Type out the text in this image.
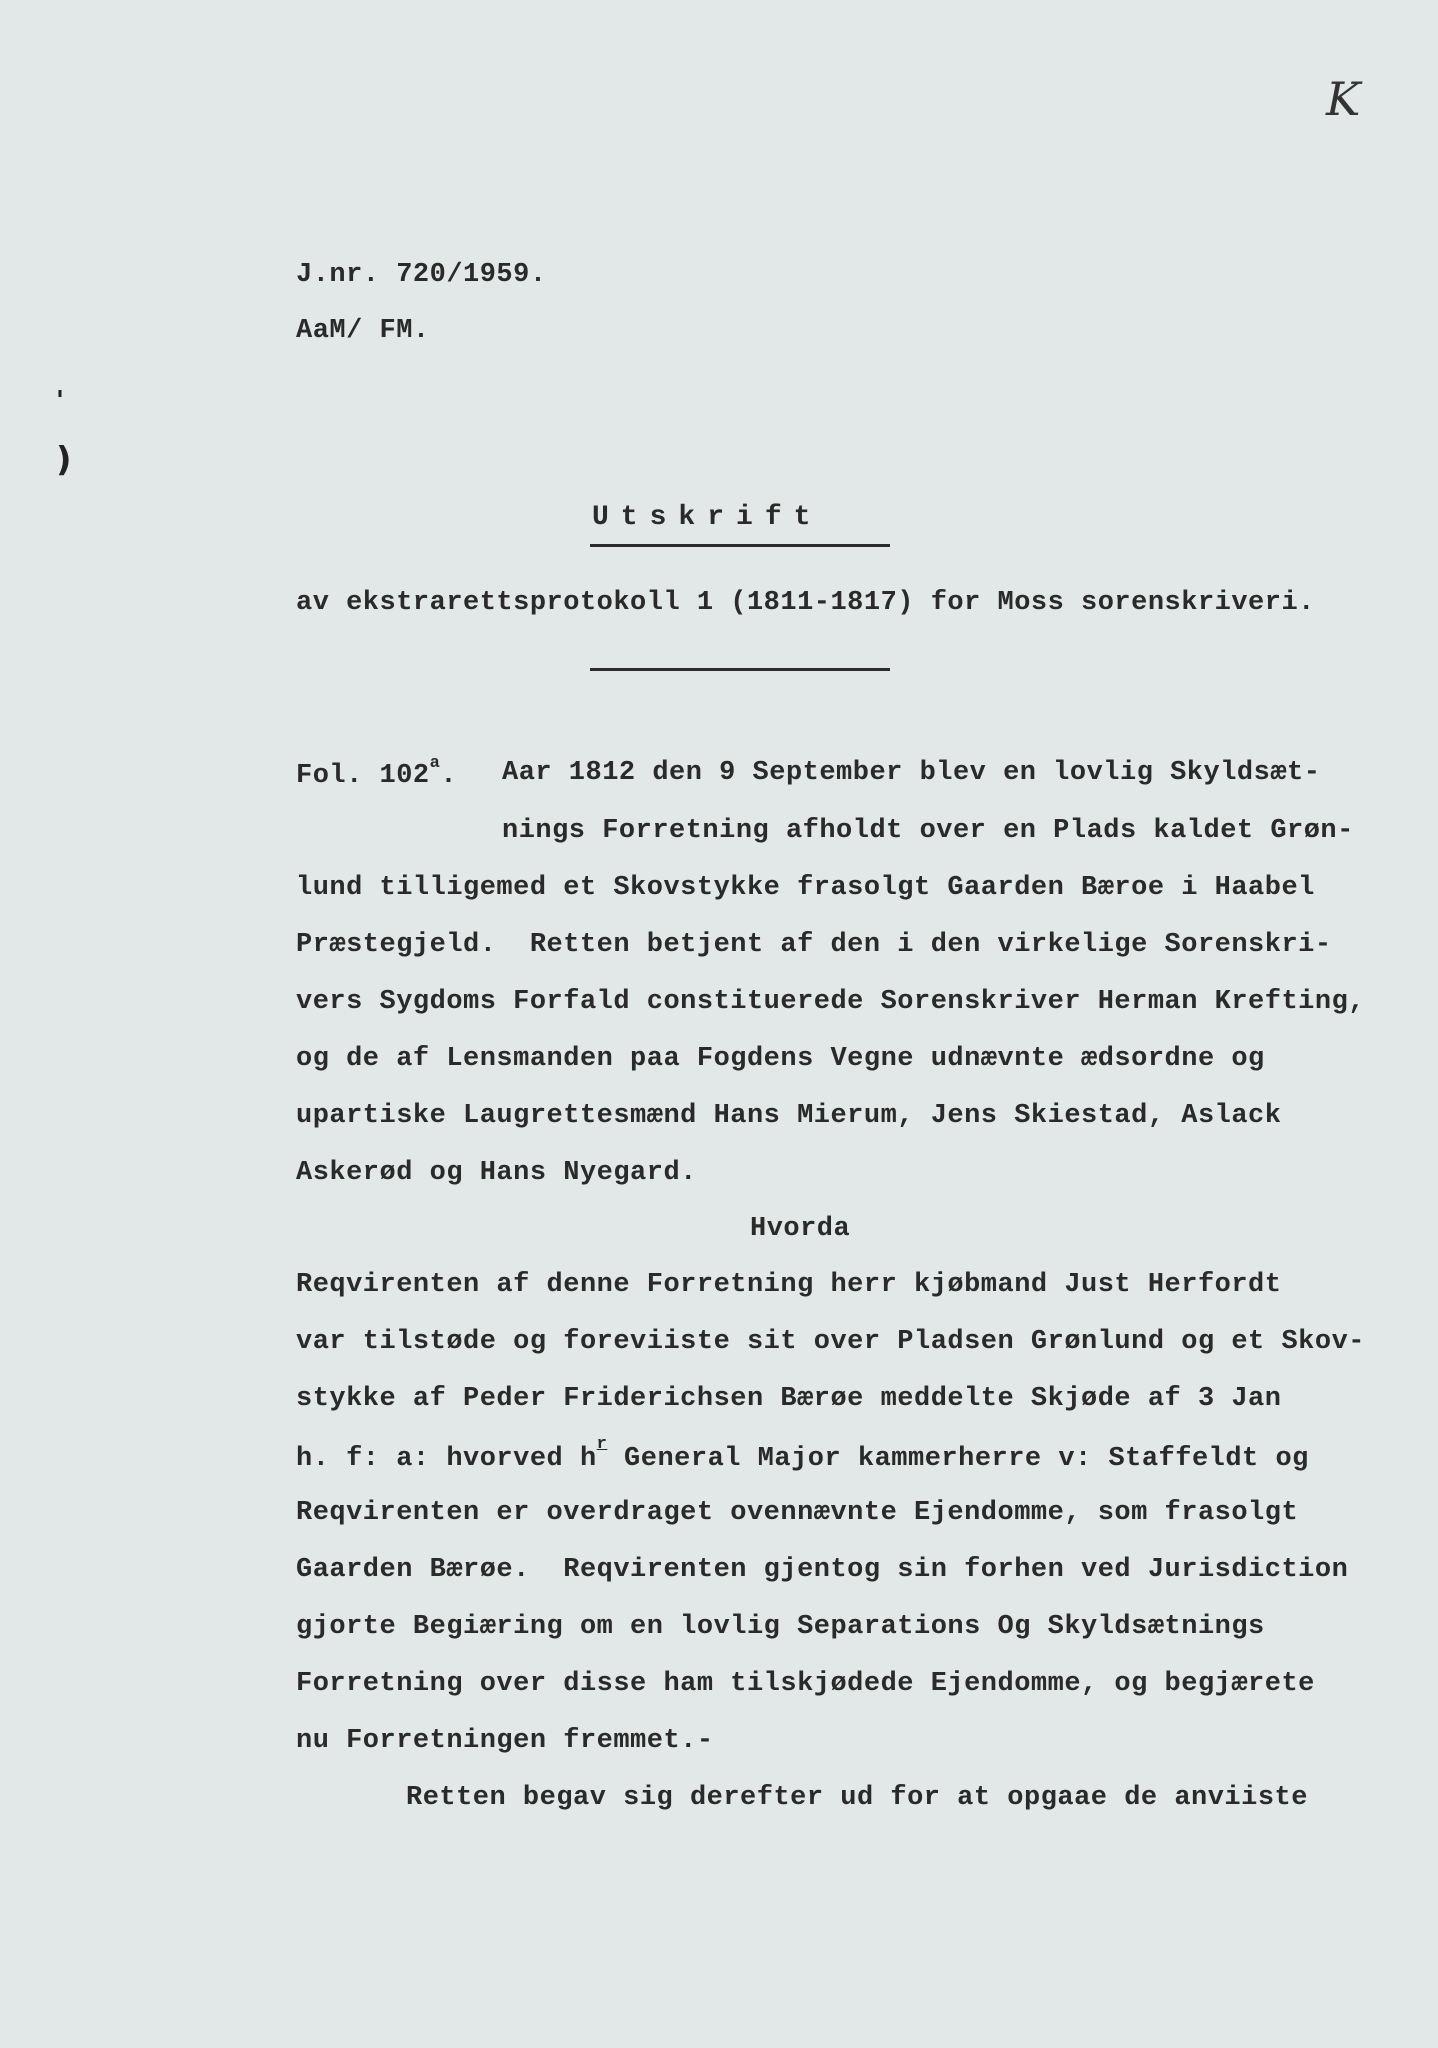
K
'
)
J.nr. 720/1959.
AaM/ FM.
Utskrift
av ekstrarettsprotokoll 1 (1811-1817) for Moss sorenskriveri.
Fol. 102$^a$. Aar 1812 den 9 September blev en lovlig Skyldsæt-
nings Forretning afholdt over en Plads kaldet Grøn-
lund tilligemed et Skovstykke frasolgt Gaarden Bæroe i Haabel
Præstegjeld.  Retten betjent af den i den virkelige Sorenskri-
vers Sygdoms Forfald constituerede Sorenskriver Herman Krefting,
og de af Lensmanden paa Fogdens Vegne udnævnte ædsordne og
upartiske Laugrettesmænd Hans Mierum, Jens Skiestad, Aslack
Askerød og Hans Nyegard.
Hvorda
Reqvirenten af denne Forretning herr kjøbmand Just Herfordt
var tilstøde og foreviiste sit over Pladsen Grønlund og et Skov-
stykke af Peder Friderichsen Bærøe meddelte Skjøde af 3 Jan
h. f: a: hvorved $h^r$ General Major kammerherre v: Staffeldt og
Reqvirenten er overdraget ovennævnte Ejendomme, som frasolgt
Gaarden Bærøe.  Reqvirenten gjentog sin forhen ved Jurisdiction
gjorte Begiæring om en lovlig Separations Og Skyldsætnings
Forretning over disse ham tilskjødede Ejendomme, og begjærete
nu Forretningen fremmet.-
Retten begav sig derefter ud for at opgaae de anviiste
